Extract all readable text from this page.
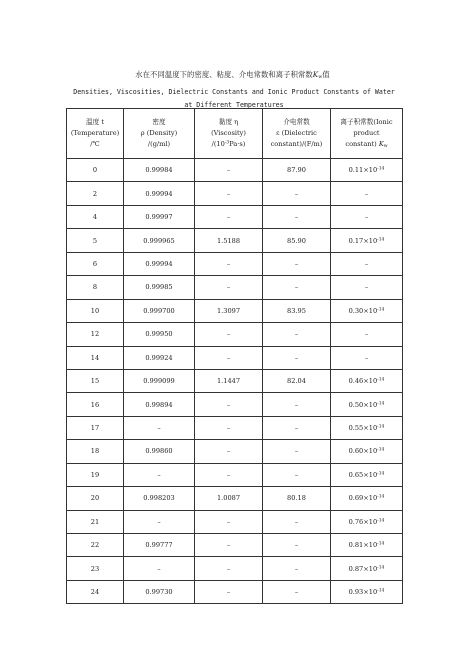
水在不同温度下的密度、粘度、介电常数和离子积常数$K_w$值
Densities, Viscosities, Dielectric Constants and Ionic Product Constants of Water
at Different Temperatures
温度 t
(Temperature)
/℃	密度
ρ (Density)
/(g/ml)	黏度 η
(Viscosity)
$/(10^{-3}Pa\cdot s)$	介电常数
ε (Dielectric
constant)/(F/m)	离子积常数(Ionic
product
constant) $K_w$

0	0.99984	–	87.90	$0.11\times 10^{-14}$
2	0.99994	–	–	–
4	0.99997	–	–	–
5	0.999965	1.5188	85.90	$0.17\times 10^{-14}$
6	0.99994	–	–	–
8	0.99985	–	–	–
10	0.999700	1.3097	83.95	$0.30\times 10^{-14}$
12	0.99950	–	–	–
14	0.99924	–	–	–
15	0.999099	1.1447	82.04	$0.46\times 10^{-14}$
16	0.99894	–	–	$0.50\times 10^{-14}$
17	–	–	–	$0.55\times 10^{-14}$
18	0.99860	–	–	$0.60\times 10^{-14}$
19	–	–	–	$0.65\times 10^{-14}$
20	0.998203	1.0087	80.18	$0.69\times 10^{-14}$
21	–	–	–	$0.76\times 10^{-14}$
22	0.99777	–	–	$0.81\times 10^{-14}$
23	–	–	–	$0.87\times 10^{-14}$
24	0.99730	–	–	$0.93\times 10^{-14}$
